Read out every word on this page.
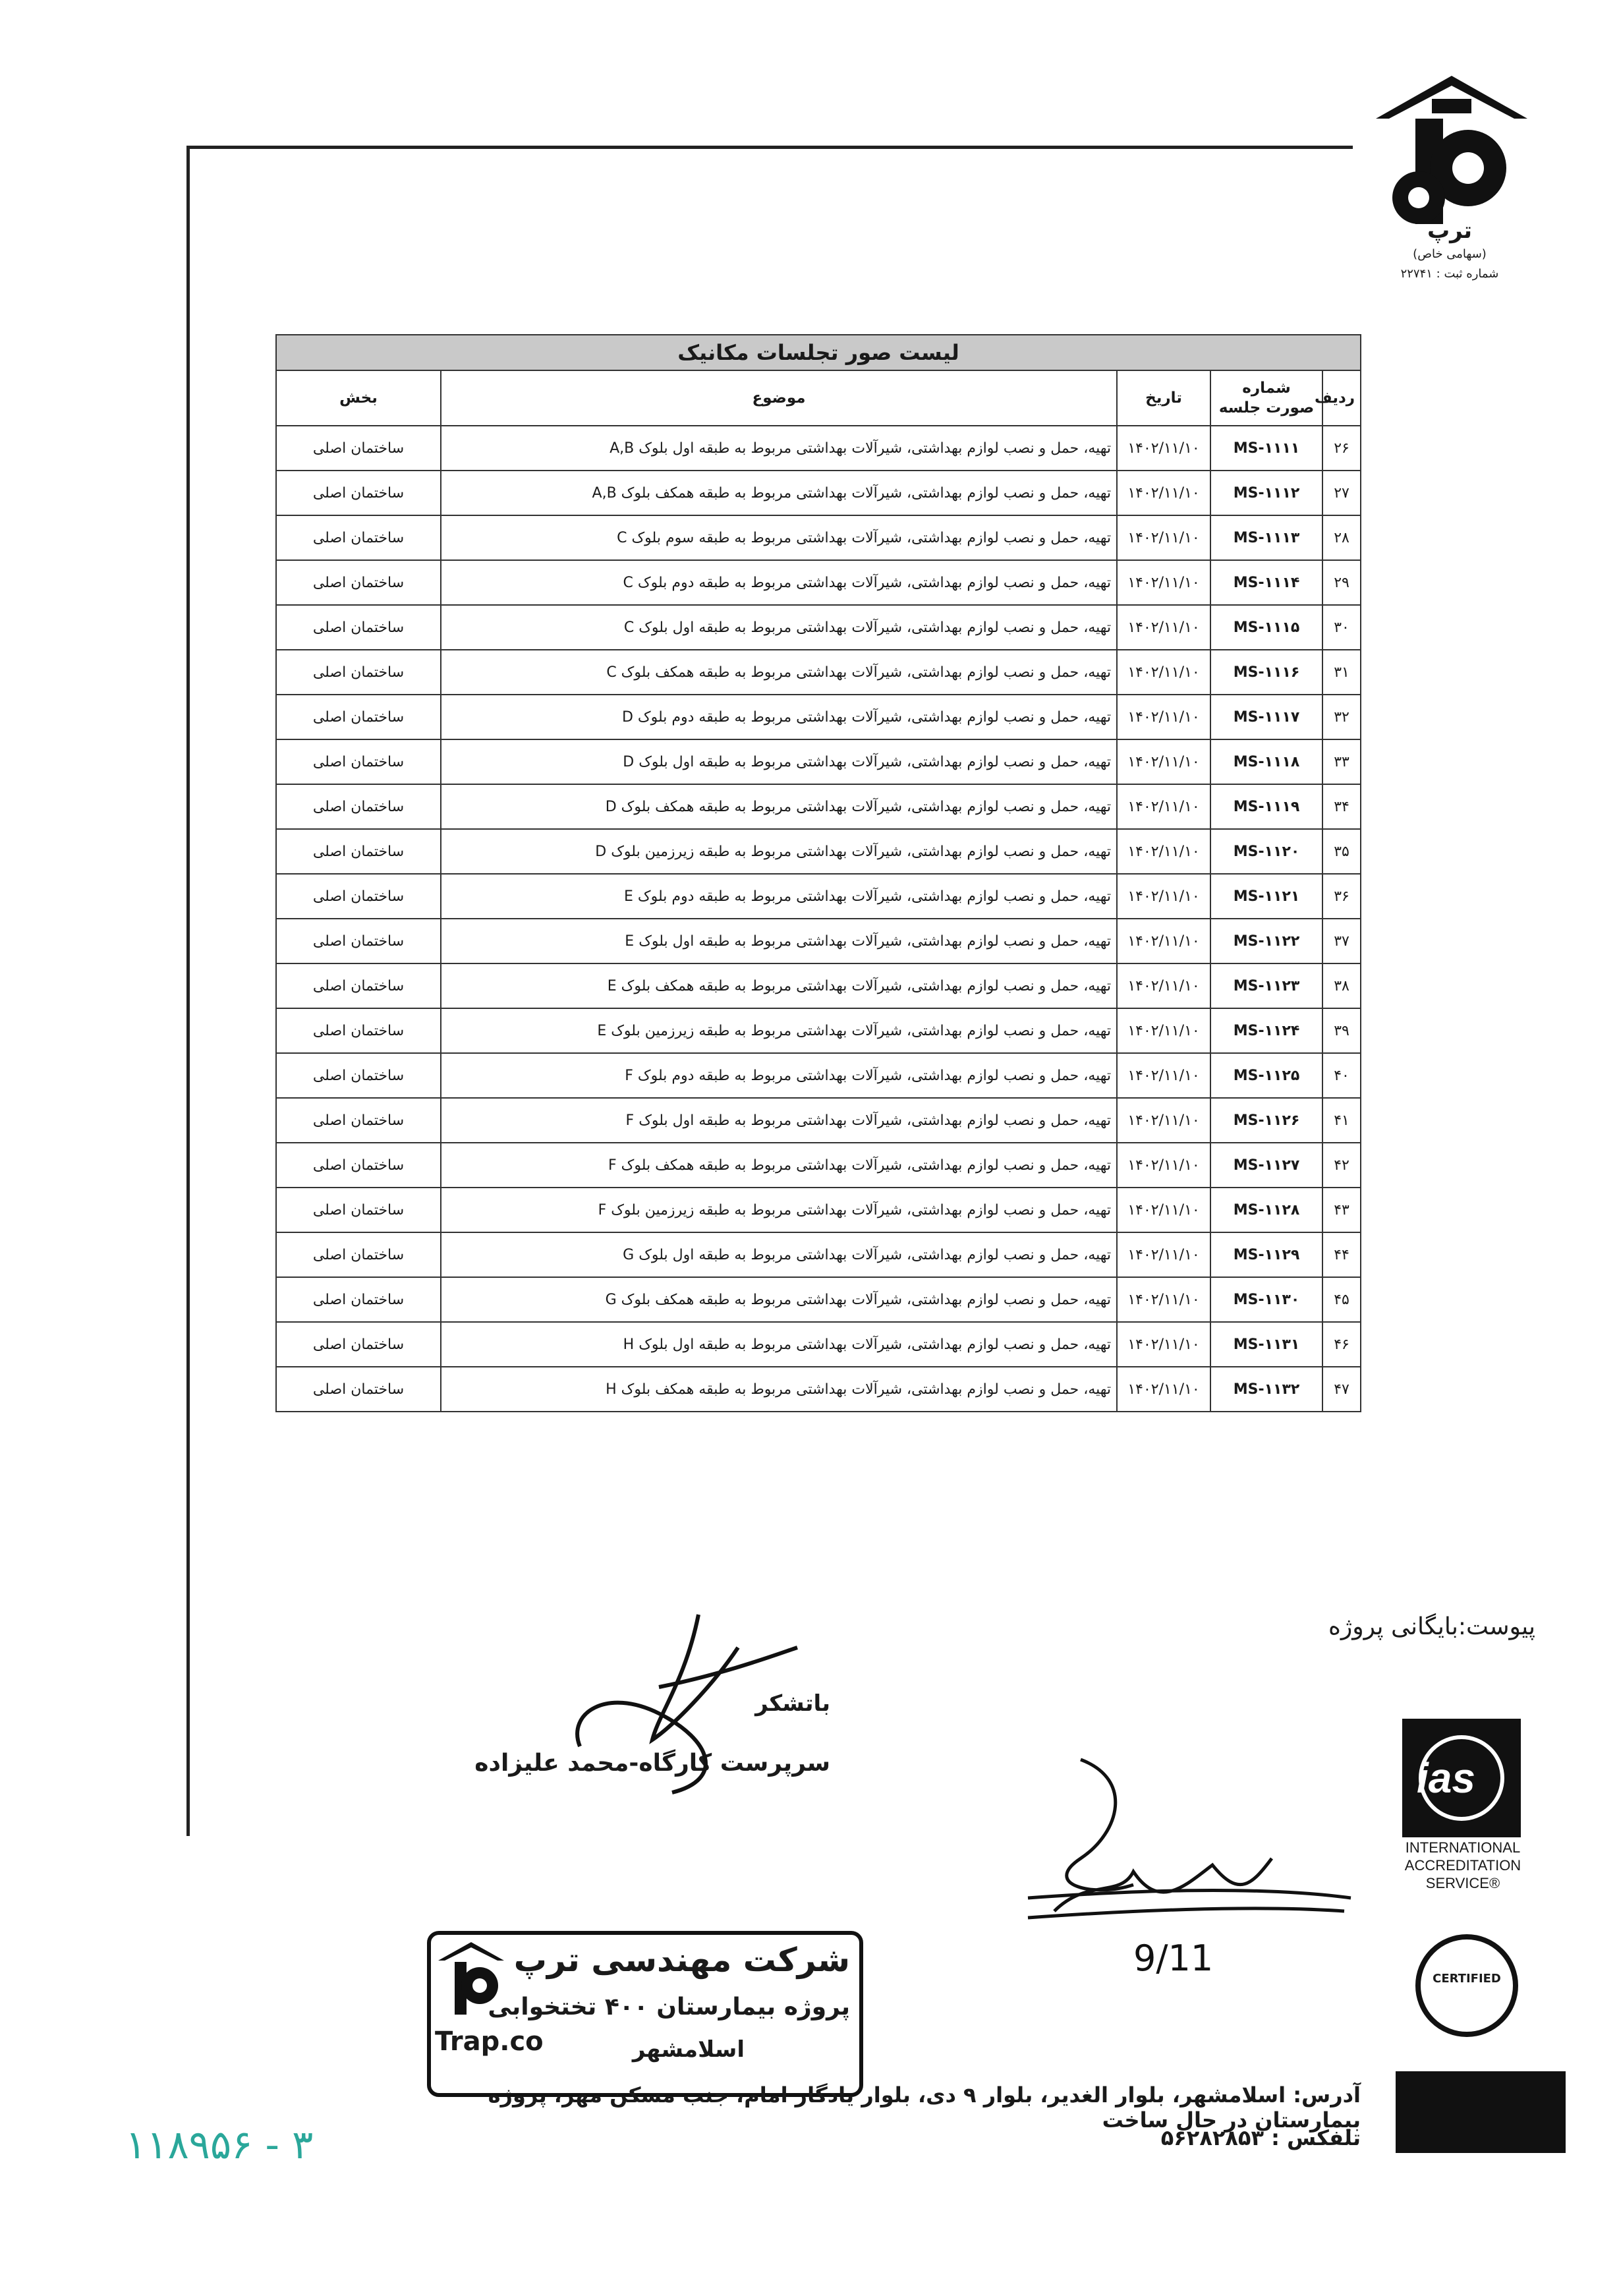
ترپ
(سهامی خاص)
شماره ثبت : ۲۲۷۴۱
لیست صور تجلسات مکانیک				
ردیف	شماره صورت جلسه	تاریخ	موضوع	بخش
۲۶	MS-۱۱۱۱	۱۴۰۲/۱۱/۱۰	تهیه، حمل و نصب لوازم بهداشتی، شیرآلات بهداشتی مربوط به طبقه اول بلوک A,B	ساختمان اصلی
۲۷	MS-۱۱۱۲	۱۴۰۲/۱۱/۱۰	تهیه، حمل و نصب لوازم بهداشتی، شیرآلات بهداشتی مربوط به طبقه همکف بلوک A,B	ساختمان اصلی
۲۸	MS-۱۱۱۳	۱۴۰۲/۱۱/۱۰	تهیه، حمل و نصب لوازم بهداشتی، شیرآلات بهداشتی مربوط به طبقه سوم بلوک C	ساختمان اصلی
۲۹	MS-۱۱۱۴	۱۴۰۲/۱۱/۱۰	تهیه، حمل و نصب لوازم بهداشتی، شیرآلات بهداشتی مربوط به طبقه دوم بلوک C	ساختمان اصلی
۳۰	MS-۱۱۱۵	۱۴۰۲/۱۱/۱۰	تهیه، حمل و نصب لوازم بهداشتی، شیرآلات بهداشتی مربوط به طبقه اول بلوک C	ساختمان اصلی
۳۱	MS-۱۱۱۶	۱۴۰۲/۱۱/۱۰	تهیه، حمل و نصب لوازم بهداشتی، شیرآلات بهداشتی مربوط به طبقه همکف بلوک C	ساختمان اصلی
۳۲	MS-۱۱۱۷	۱۴۰۲/۱۱/۱۰	تهیه، حمل و نصب لوازم بهداشتی، شیرآلات بهداشتی مربوط به طبقه دوم بلوک D	ساختمان اصلی
۳۳	MS-۱۱۱۸	۱۴۰۲/۱۱/۱۰	تهیه، حمل و نصب لوازم بهداشتی، شیرآلات بهداشتی مربوط به طبقه اول بلوک D	ساختمان اصلی
۳۴	MS-۱۱۱۹	۱۴۰۲/۱۱/۱۰	تهیه، حمل و نصب لوازم بهداشتی، شیرآلات بهداشتی مربوط به طبقه همکف بلوک D	ساختمان اصلی
۳۵	MS-۱۱۲۰	۱۴۰۲/۱۱/۱۰	تهیه، حمل و نصب لوازم بهداشتی، شیرآلات بهداشتی مربوط به طبقه زیرزمین بلوک D	ساختمان اصلی
۳۶	MS-۱۱۲۱	۱۴۰۲/۱۱/۱۰	تهیه، حمل و نصب لوازم بهداشتی، شیرآلات بهداشتی مربوط به طبقه دوم بلوک E	ساختمان اصلی
۳۷	MS-۱۱۲۲	۱۴۰۲/۱۱/۱۰	تهیه، حمل و نصب لوازم بهداشتی، شیرآلات بهداشتی مربوط به طبقه اول بلوک E	ساختمان اصلی
۳۸	MS-۱۱۲۳	۱۴۰۲/۱۱/۱۰	تهیه، حمل و نصب لوازم بهداشتی، شیرآلات بهداشتی مربوط به طبقه همکف بلوک E	ساختمان اصلی
۳۹	MS-۱۱۲۴	۱۴۰۲/۱۱/۱۰	تهیه، حمل و نصب لوازم بهداشتی، شیرآلات بهداشتی مربوط به طبقه زیرزمین بلوک E	ساختمان اصلی
۴۰	MS-۱۱۲۵	۱۴۰۲/۱۱/۱۰	تهیه، حمل و نصب لوازم بهداشتی، شیرآلات بهداشتی مربوط به طبقه دوم بلوک F	ساختمان اصلی
۴۱	MS-۱۱۲۶	۱۴۰۲/۱۱/۱۰	تهیه، حمل و نصب لوازم بهداشتی، شیرآلات بهداشتی مربوط به طبقه اول بلوک F	ساختمان اصلی
۴۲	MS-۱۱۲۷	۱۴۰۲/۱۱/۱۰	تهیه، حمل و نصب لوازم بهداشتی، شیرآلات بهداشتی مربوط به طبقه همکف بلوک F	ساختمان اصلی
۴۳	MS-۱۱۲۸	۱۴۰۲/۱۱/۱۰	تهیه، حمل و نصب لوازم بهداشتی، شیرآلات بهداشتی مربوط به طبقه زیرزمین بلوک F	ساختمان اصلی
۴۴	MS-۱۱۲۹	۱۴۰۲/۱۱/۱۰	تهیه، حمل و نصب لوازم بهداشتی، شیرآلات بهداشتی مربوط به طبقه اول بلوک G	ساختمان اصلی
۴۵	MS-۱۱۳۰	۱۴۰۲/۱۱/۱۰	تهیه، حمل و نصب لوازم بهداشتی، شیرآلات بهداشتی مربوط به طبقه همکف بلوک G	ساختمان اصلی
۴۶	MS-۱۱۳۱	۱۴۰۲/۱۱/۱۰	تهیه، حمل و نصب لوازم بهداشتی، شیرآلات بهداشتی مربوط به طبقه اول بلوک H	ساختمان اصلی
۴۷	MS-۱۱۳۲	۱۴۰۲/۱۱/۱۰	تهیه، حمل و نصب لوازم بهداشتی، شیرآلات بهداشتی مربوط به طبقه همکف بلوک H	ساختمان اصلی
پیوست:بایگانی پروژه
باتشکر
سرپرست کارگاه-محمد علیزاده
9/11
شرکت مهندسی ترپ
پروژه بیمارستان ۴۰۰ تختخوابی
اسلامشهر
Trap.co
ias
INTERNATIONAL
ACCREDITATION
SERVICE®
CERTIFIED
آدرس: اسلامشهر، بلوار الغدیر، بلوار ۹ دی، بلوار یادگار امام، جنب مسکن مهر، پروژه بیمارستان در حال ساخت
تلفکس : ۵۶۲۸۲۸۵۳
۱۱۸۹۵۶ - ۳
